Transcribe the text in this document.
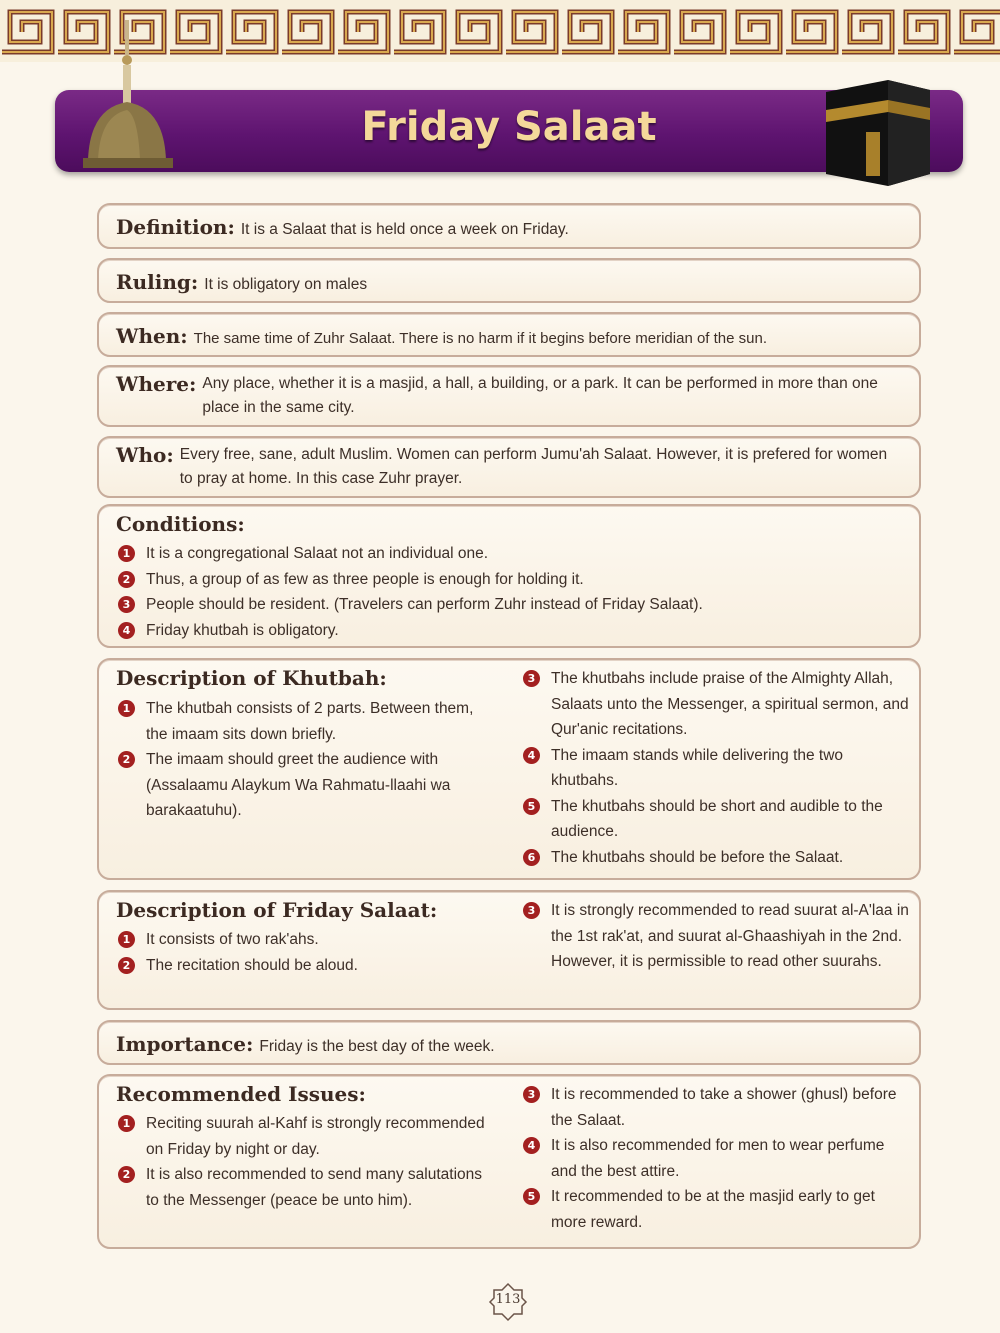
Friday Salaat
Definition: It is a Salaat that is held once a week on Friday.
Ruling: It is obligatory on males
When: The same time of Zuhr Salaat. There is no harm if it begins before meridian of the sun.
Where: Any place, whether it is a masjid, a hall, a building, or a park. It can be performed in more than one place in the same city.
Who: Every free, sane, adult Muslim. Women can perform Jumu'ah Salaat. However, it is prefered for women to pray at home. In this case Zuhr prayer.
Conditions:
1	It is a congregational Salaat not an individual one.
2	Thus, a group of as few as three people is enough for holding it.
3	People should be resident. (Travelers can perform Zuhr instead of Friday Salaat).
4	Friday khutbah is obligatory.
Description of Khutbah:
1	The khutbah consists of 2 parts. Between them, the imaam sits down briefly.
2	The imaam should greet the audience with (Assalaamu Alaykum Wa Rahmatu-llaahi wa barakaatuhu).
3	The khutbahs include praise of the Almighty Allah, Salaats unto the Messenger, a spiritual sermon, and Qur'anic recitations.
4	The imaam stands while delivering the two khutbahs.
5	The khutbahs should be short and audible to the audience.
6	The khutbahs should be before the Salaat.
Description of Friday Salaat:
1	It consists of two rak'ahs.
2	The recitation should be aloud.
3	It is strongly recommended to read suurat al-A'laa in the 1st rak'at, and suurat al-Ghaashiyah in the 2nd. However, it is permissible to read other suurahs.
Importance: Friday is the best day of the week.
Recommended Issues:
1	Reciting suurah al-Kahf is strongly recommended on Friday by night or day.
2	It is also recommended to send many salutations to the Messenger (peace be unto him).
3	It is recommended to take a shower (ghusl) before the Salaat.
4	It is also recommended for men to wear perfume and the best attire.
5	It recommended to be at the masjid early to get more reward.
113
